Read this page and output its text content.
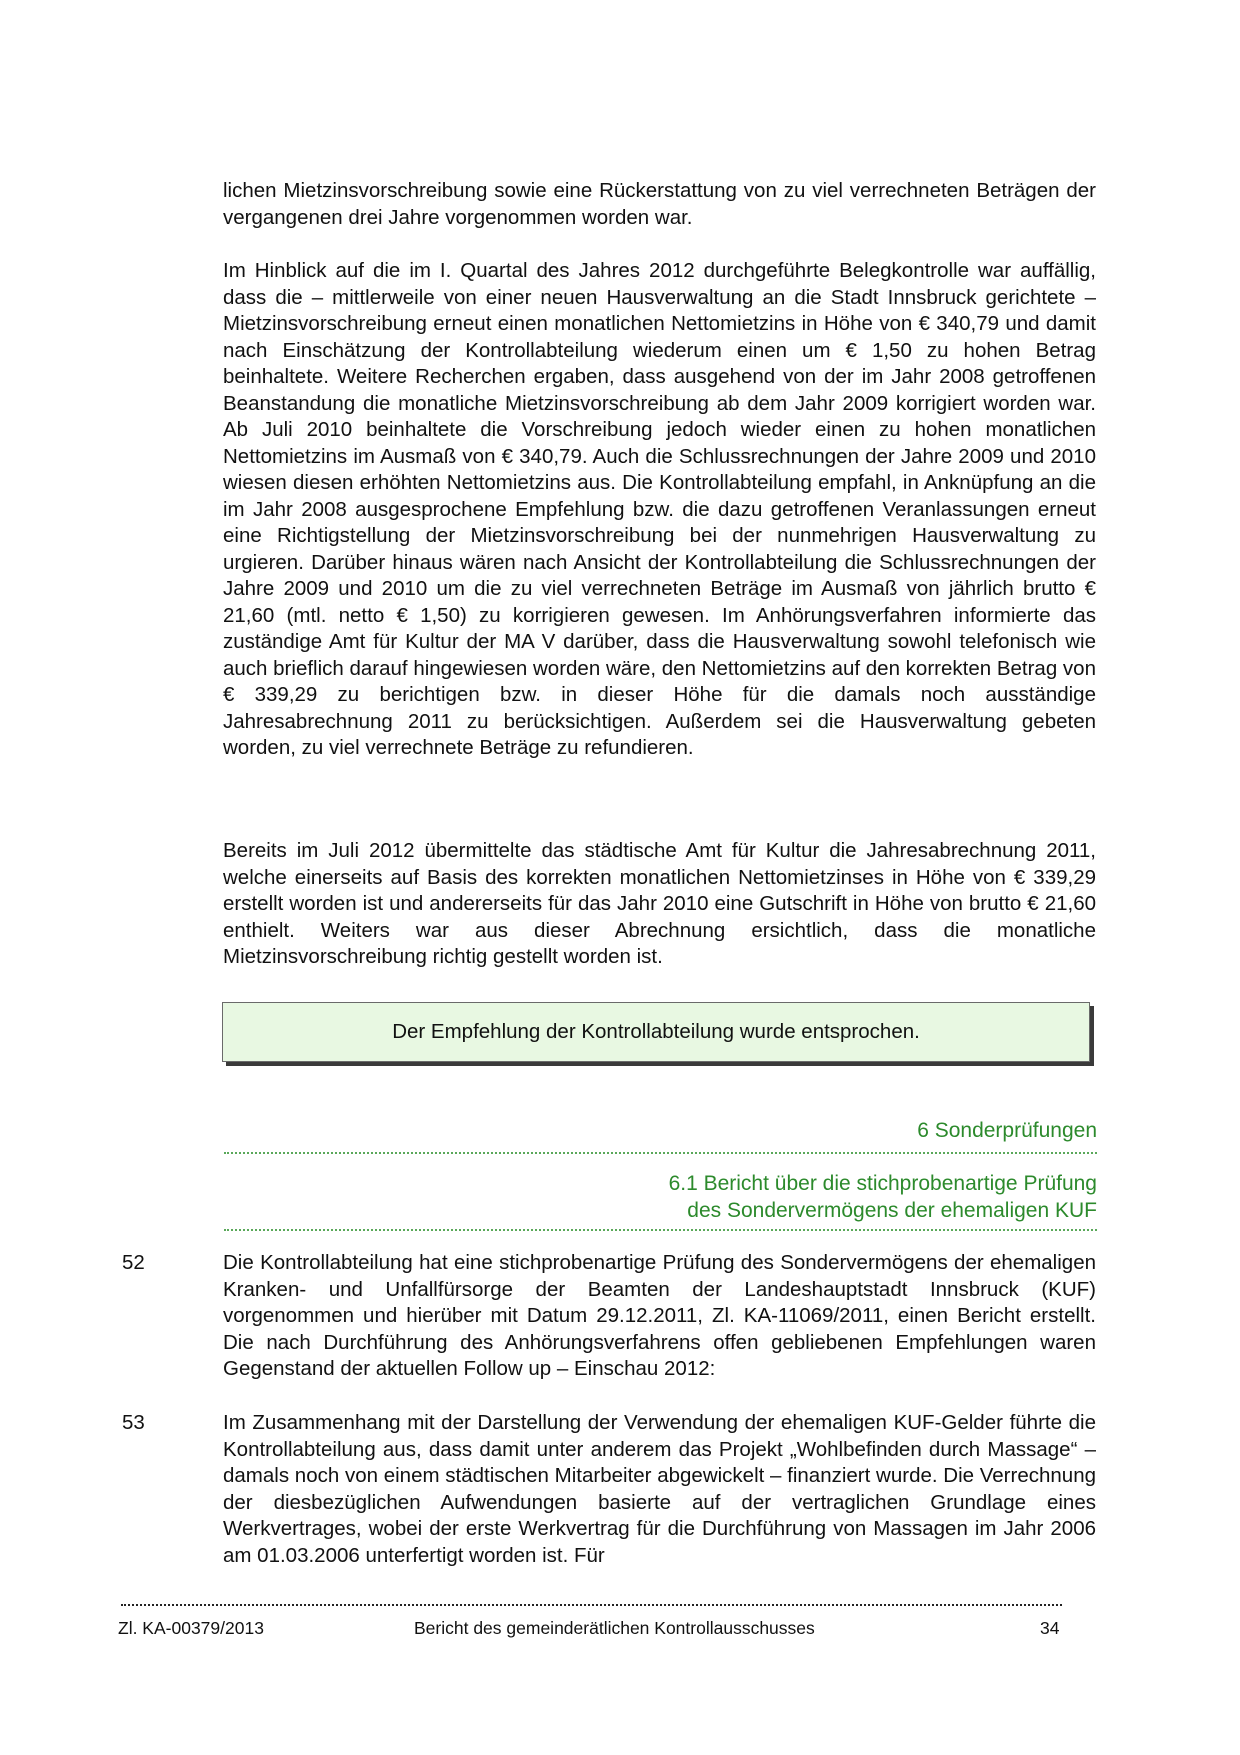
lichen Mietzinsvorschreibung sowie eine Rückerstattung von zu viel verrechneten Beträgen der vergangenen drei Jahre vorgenommen worden war.

Im Hinblick auf die im I. Quartal des Jahres 2012 durchgeführte Belegkontrolle war auffällig, dass die – mittlerweile von einer neuen Hausverwaltung an die Stadt Innsbruck gerichtete – Mietzinsvorschreibung erneut einen monatlichen Nettomietzins in Höhe von € 340,79 und damit nach Einschätzung der Kontrollabteilung wiederum einen um € 1,50 zu hohen Betrag beinhaltete. Weitere Recherchen ergaben, dass ausgehend von der im Jahr 2008 getroffenen Beanstandung die monatliche Mietzinsvorschreibung ab dem Jahr 2009 korrigiert worden war. Ab Juli 2010 beinhaltete die Vorschreibung jedoch wieder einen zu hohen monatlichen Nettomietzins im Ausmaß von € 340,79. Auch die Schlussrechnungen der Jahre 2009 und 2010 wiesen diesen erhöhten Nettomietzins aus. Die Kontrollabteilung empfahl, in Anknüpfung an die im Jahr 2008 ausgesprochene Empfehlung bzw. die dazu getroffenen Veranlassungen erneut eine Richtigstellung der Mietzinsvorschreibung bei der nunmehrigen Hausverwaltung zu urgieren. Darüber hinaus wären nach Ansicht der Kontrollabteilung die Schlussrechnungen der Jahre 2009 und 2010 um die zu viel verrechneten Beträge im Ausmaß von jährlich brutto € 21,60 (mtl. netto € 1,50) zu korrigieren gewesen. Im Anhörungsverfahren informierte das zuständige Amt für Kultur der MA V darüber, dass die Hausverwaltung sowohl telefonisch wie auch brieflich darauf hingewiesen worden wäre, den Nettomietzins auf den korrekten Betrag von € 339,29 zu berichtigen bzw. in dieser Höhe für die damals noch ausständige Jahresabrechnung 2011 zu berücksichtigen. Außerdem sei die Hausverwaltung gebeten worden, zu viel verrechnete Beträge zu refundieren.

Bereits im Juli 2012 übermittelte das städtische Amt für Kultur die Jahresabrechnung 2011, welche einerseits auf Basis des korrekten monatlichen Nettomietzinses in Höhe von € 339,29 erstellt worden ist und andererseits für das Jahr 2010 eine Gutschrift in Höhe von brutto € 21,60 enthielt. Weiters war aus dieser Abrechnung ersichtlich, dass die monatliche Mietzinsvorschreibung richtig gestellt worden ist.

Der Empfehlung der Kontrollabteilung wurde entsprochen.
6 Sonderprüfungen
6.1 Bericht über die stichprobenartige Prüfung
des Sondervermögens der ehemaligen KUF
52	Die Kontrollabteilung hat eine stichprobenartige Prüfung des Sondervermögens der ehemaligen Kranken- und Unfallfürsorge der Beamten der Landeshauptstadt Innsbruck (KUF) vorgenommen und hierüber mit Datum 29.12.2011, Zl. KA-11069/2011, einen Bericht erstellt. Die nach Durchführung des Anhörungsverfahrens offen gebliebenen Empfehlungen waren Gegenstand der aktuellen Follow up – Einschau 2012:

53	Im Zusammenhang mit der Darstellung der Verwendung der ehemaligen KUF-Gelder führte die Kontrollabteilung aus, dass damit unter anderem das Projekt „Wohlbefinden durch Massage“ – damals noch von einem städtischen Mitarbeiter abgewickelt – finanziert wurde. Die Verrechnung der diesbezüglichen Aufwendungen basierte auf der vertraglichen Grundlage eines Werkvertrages, wobei der erste Werkvertrag für die Durchführung von Massagen im Jahr 2006 am 01.03.2006 unterfertigt worden ist. Für

Zl. KA-00379/2013	Bericht des gemeinderätlichen Kontrollausschusses	34
